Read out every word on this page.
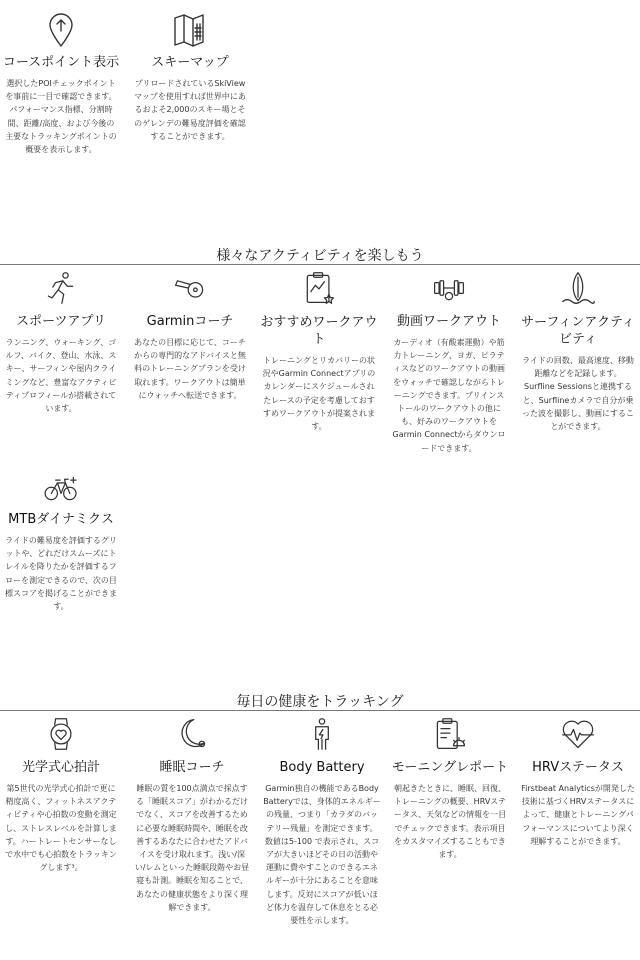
コースポイント表示
選択したPOIチェックポイントを事前に一目で確認できます。パフォーマンス指標、分割時間、距離/高度、および今後の主要なトラッキングポイントの概要を表示します。
スキーマップ
プリロードされているSkiViewマップを使用すれば世界中にあるおよそ2,000のスキー場とそのゲレンデの難易度評価を確認することができます。
様々なアクティビティを楽しもう
スポーツアプリ
ランニング、ウォーキング、ゴルフ、バイク、登山、水泳、スキー、サーフィンや屋内クライミングなど、豊富なアクティビティプロフィールが搭載されています。
Garminコーチ
あなたの目標に応じて、コーチからの専門的なアドバイスと無料のトレーニングプランを受け取れます。ワークアウトは簡単にウォッチへ転送できます。
おすすめワークアウト
トレーニングとリカバリーの状況やGarmin Connectアプリのカレンダーにスケジュールされたレースの予定を考慮しておすすめワークアウトが提案されます。
動画ワークアウト
カーディオ（有酸素運動）や筋力トレーニング、ヨガ、ピラティスなどのワークアウトの動画をウォッチで確認しながらトレーニングできます。プリインストールのワークアウトの他にも、好みのワークアウトをGarmin Connectからダウンロードできます。
サーフィンアクティビティ
ライドの回数、最高速度、移動距離などを記録します。Surfline Sessionsと連携すると、Surflineカメラで自分が乗った波を撮影し、動画にすることができます。
MTBダイナミクス
ライドの難易度を評価するグリットや、どれだけスムーズにトレイルを降りたかを評価するフローを測定できるので、次の目標スコアを掲げることができます。
毎日の健康をトラッキング
光学式心拍計
第5世代の光学式心拍計で更に精度高く、フィットネスアクティビティや心拍数の変動を測定し、ストレスレベルを計算します。ハートレートセンサーなしで水中でも心拍数をトラッキングします³。
睡眠コーチ
睡眠の質を100点満点で採点する「睡眠スコア」がわかるだけでなく、スコアを改善するために必要な睡眠時間や、睡眠を改善するあなたに合わせたアドバイスを受け取れます。浅い/深い/レムといった睡眠段階やお昼寝も計測。睡眠を知ることで、あなたの健康状態をより深く理解できます。
Body Battery
Garmin独自の機能であるBody Batteryでは、身体的エネルギーの残量、つまり「カラダのバッテリー残量」を測定できます。数値は5-100 で表示され、スコアが大きいほどその日の活動や運動に費やすことのできるエネルギーが十分にあることを意味します。反対にスコアが低いほど体力を温存して休息をとる必要性を示します。
モーニングレポート
朝起きたときに、睡眠、回復、トレーニングの概要、HRVステータス、天気などの情報を一目でチェックできます。表示項目をカスタマイズすることもできます。
HRVステータス
Firstbeat Analyticsが開発した技術に基づくHRVステータスによって、健康とトレーニングパフォーマンスについてより深く理解することができます。
